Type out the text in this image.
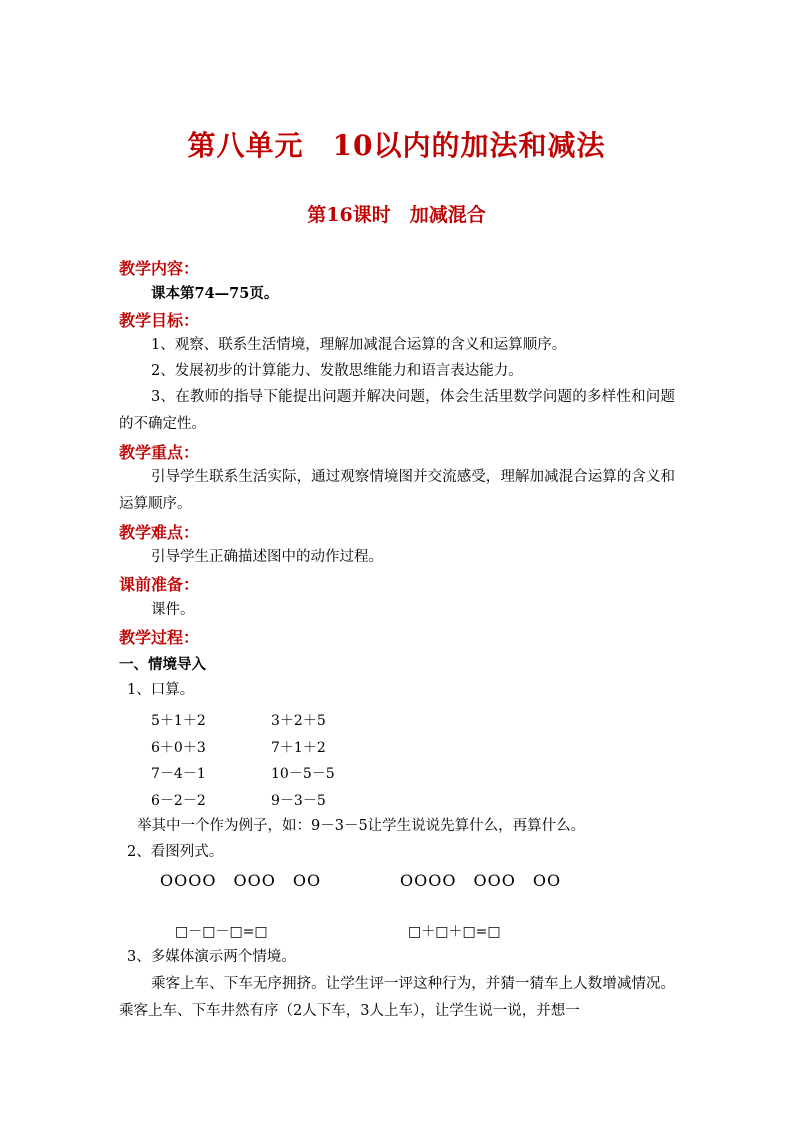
第八单元　10以内的加法和减法
第16课时　加减混合
教学内容：
课本第74—75页。
教学目标：
1、观察、联系生活情境，理解加减混合运算的含义和运算顺序。
2、发展初步的计算能力、发散思维能力和语言表达能力。
3、在教师的指导下能提出问题并解决问题，体会生活里数学问题的多样性和问题的不确定性。
教学重点：
引导学生联系生活实际，通过观察情境图并交流感受，理解加减混合运算的含义和运算顺序。
教学难点：
引导学生正确描述图中的动作过程。
课前准备：
课件。
教学过程：
一、情境导入
1、口算。
5＋1＋2	3＋2＋5
6＋0＋3	7＋1＋2
7－4－1	10－5－5
6－2－2	9－3－5
举其中一个作为例子，如：9－3－5让学生说说先算什么，再算什么。
2、看图列式。
OOOO　OOO　OO	OOOO　OOO　OO
□－□－□=□	□＋□＋□=□
3、多媒体演示两个情境。
乘客上车、下车无序拥挤。让学生评一评这种行为，并猜一猜车上人数增减情况。乘客上车、下车井然有序（2人下车，3人上车），让学生说一说，并想一
